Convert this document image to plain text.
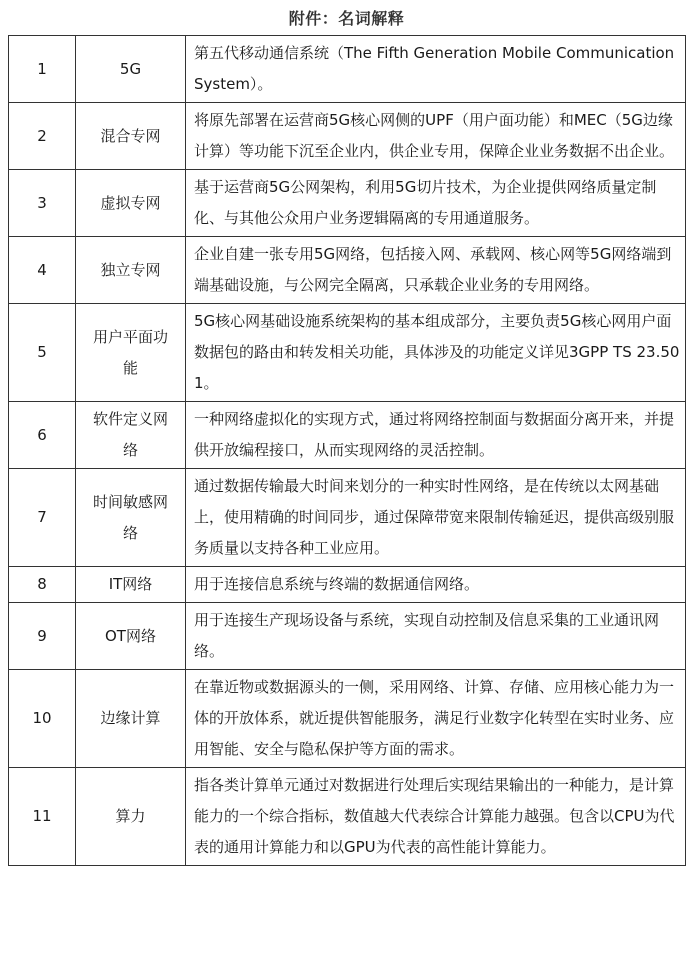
附件：名词解释
1	5G	第五代移动通信系统（The Fifth Generation Mobile Communication System）。
2	混合专网	将原先部署在运营商5G核心网侧的UPF（用户面功能）和MEC（5G边缘计算）等功能下沉至企业内，供企业专用，保障企业业务数据不出企业。
3	虚拟专网	基于运营商5G公网架构，利用5G切片技术，为企业提供网络质量定制化、与其他公众用户业务逻辑隔离的专用通道服务。
4	独立专网	企业自建一张专用5G网络，包括接入网、承载网、核心网等5G网络端到端基础设施，与公网完全隔离，只承载企业业务的专用网络。
5	用户平面功能	5G核心网基础设施系统架构的基本组成部分，主要负责5G核心网用户面数据包的路由和转发相关功能，具体涉及的功能定义详见3GPP TS 23.501。
6	软件定义网络	一种网络虚拟化的实现方式，通过将网络控制面与数据面分离开来，并提供开放编程接口，从而实现网络的灵活控制。
7	时间敏感网络	通过数据传输最大时间来划分的一种实时性网络，是在传统以太网基础上，使用精确的时间同步，通过保障带宽来限制传输延迟，提供高级别服务质量以支持各种工业应用。
8	IT网络	用于连接信息系统与终端的数据通信网络。
9	OT网络	用于连接生产现场设备与系统，实现自动控制及信息采集的工业通讯网络。
10	边缘计算	在靠近物或数据源头的一侧，采用网络、计算、存储、应用核心能力为一体的开放体系，就近提供智能服务，满足行业数字化转型在实时业务、应用智能、安全与隐私保护等方面的需求。
11	算力	指各类计算单元通过对数据进行处理后实现结果输出的一种能力，是计算能力的一个综合指标，数值越大代表综合计算能力越强。包含以CPU为代表的通用计算能力和以GPU为代表的高性能计算能力。
